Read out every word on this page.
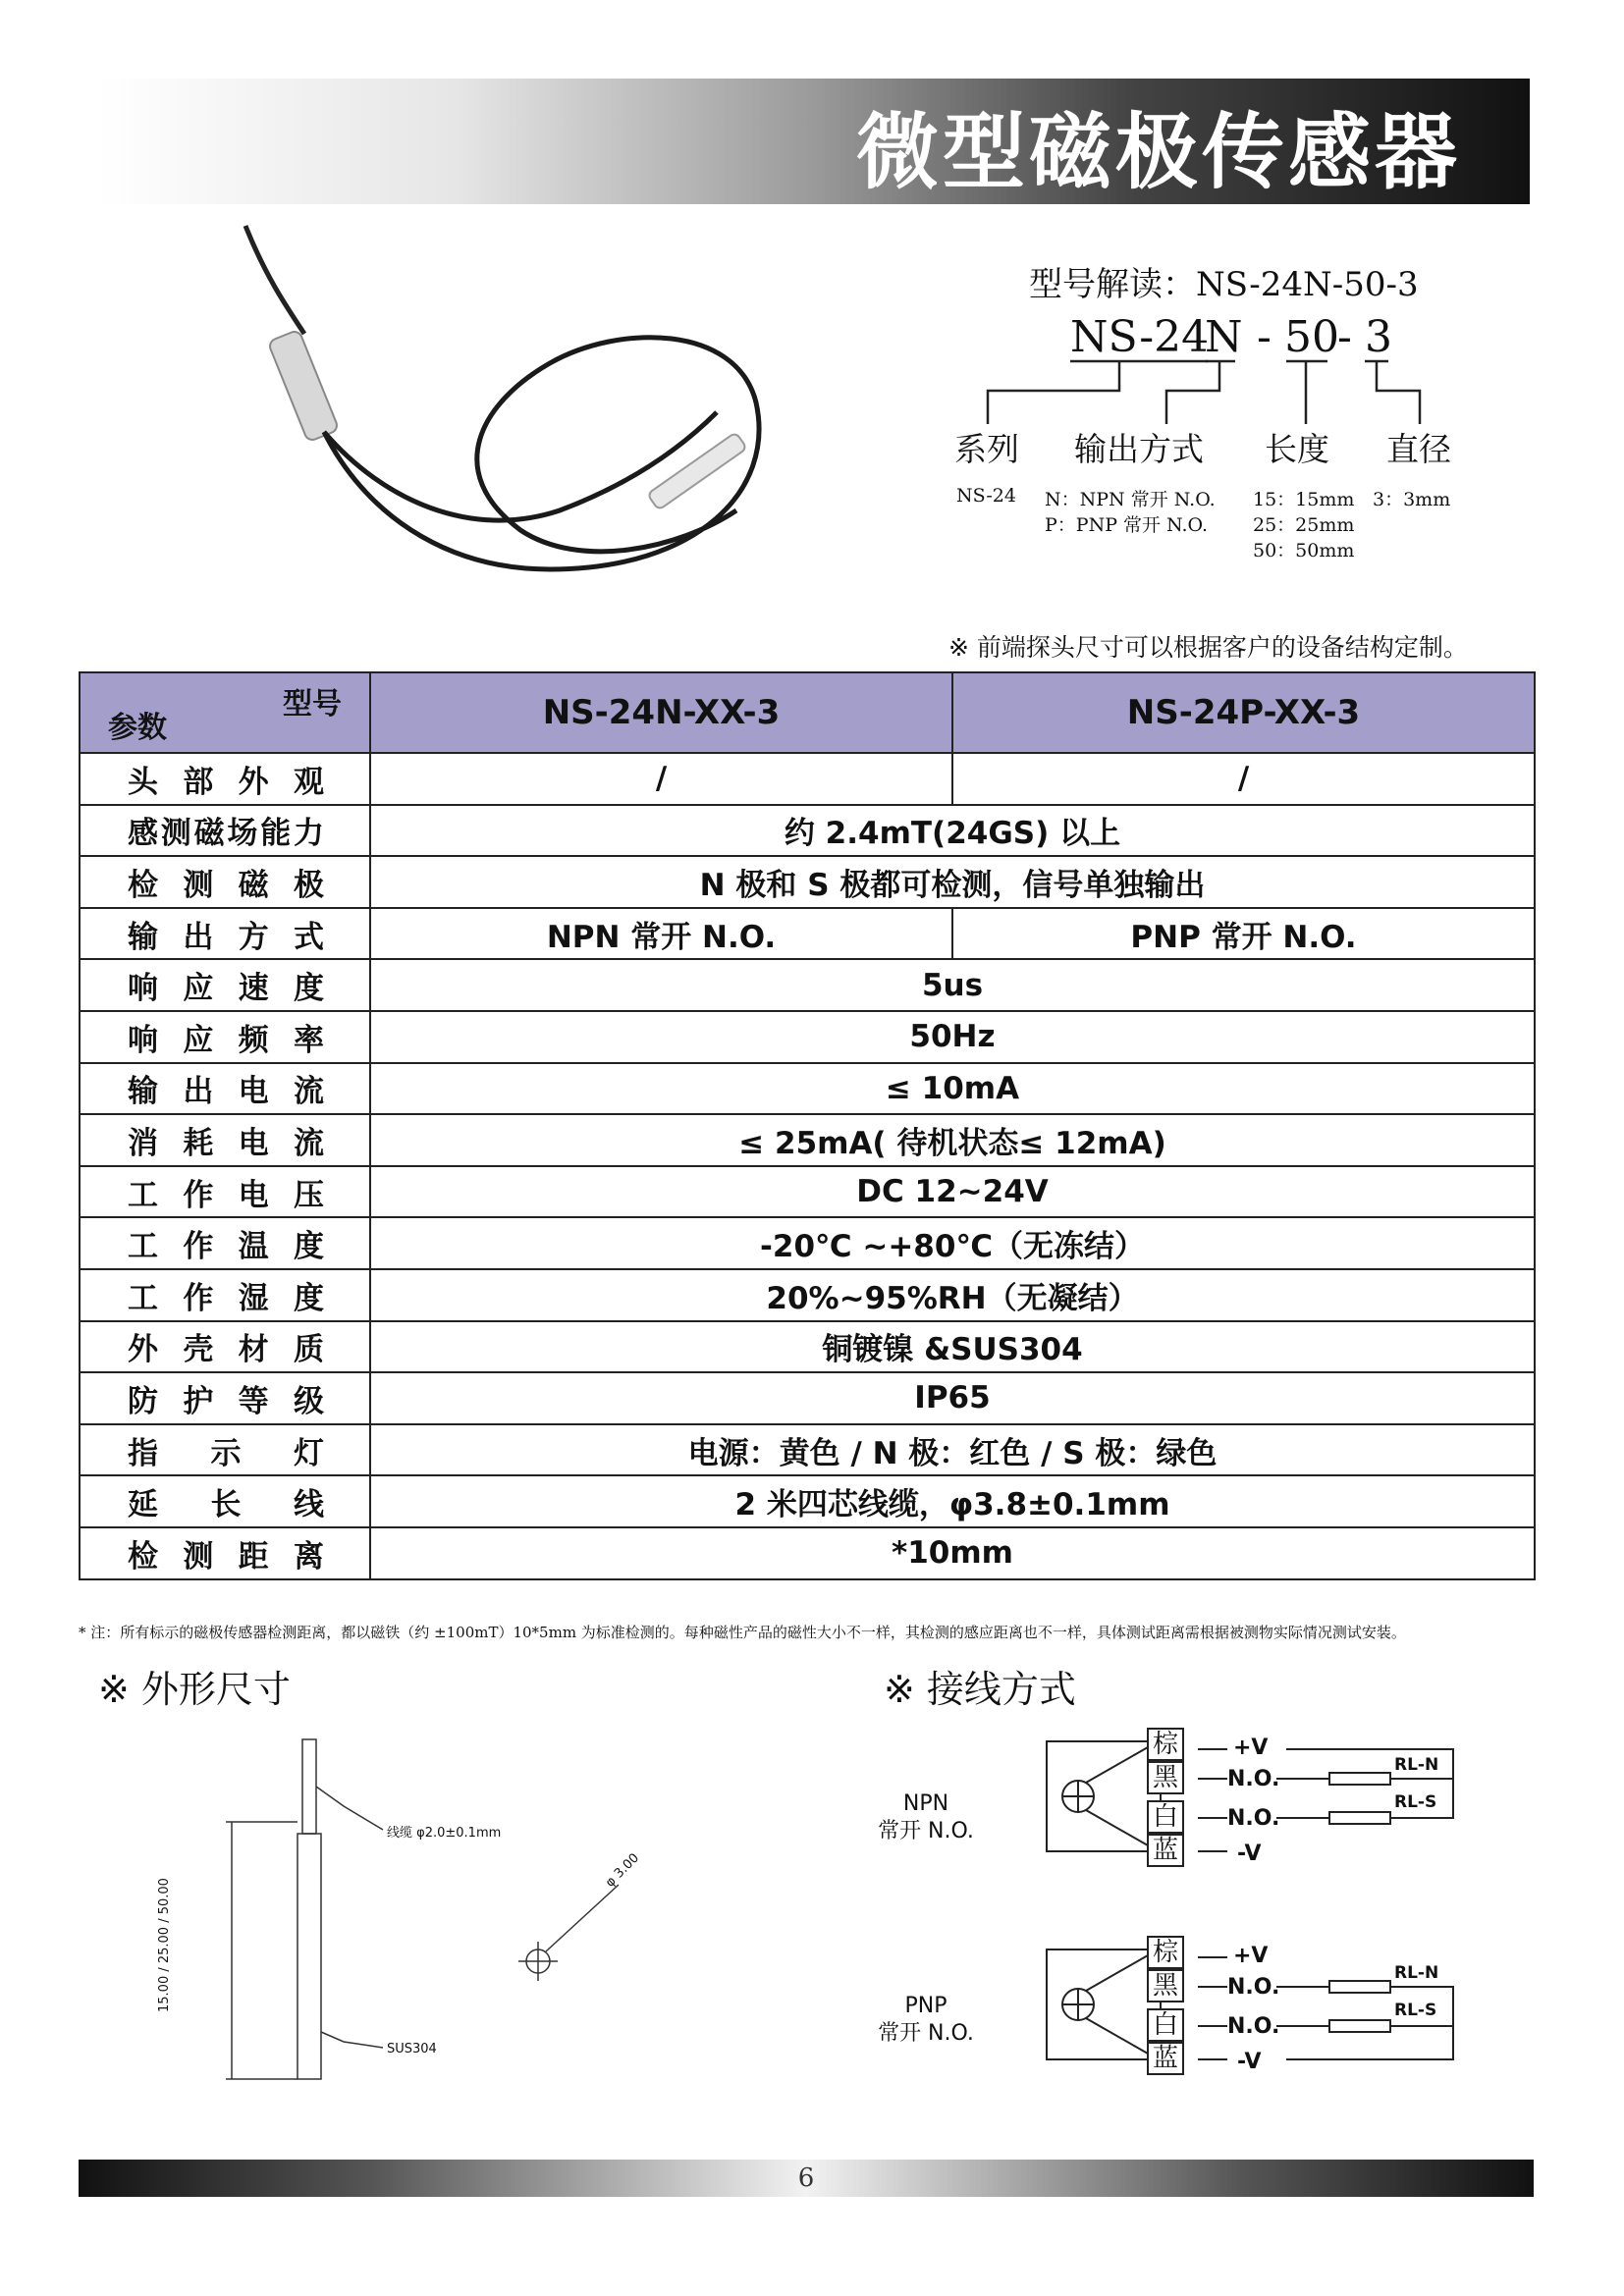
微型磁极传感器
型号解读：NS-24N-50-3
NS-24
N - 50
- 3
系列 输出方式 长度 直径
NS-24 N：NPN 常开 N.O.
P：PNP 常开 N.O.
15：15mm
25：25mm
50：50mm
3：3mm
※ 前端探头尺寸可以根据客户的设备结构定制。
型号
参数	NS-24N-XX-3	NS-24P-XX-3
头部外观	/	/
感测磁场能力	约 2.4mT(24GS) 以上	
检测磁极	N 极和 S 极都可检测，信号单独输出	
输出方式	NPN 常开 N.O.	PNP 常开 N.O.
响应速度	5us	
响应频率	50Hz	
输出电流	≤ 10mA	
消耗电流	≤ 25mA( 待机状态≤ 12mA)	
工作电压	DC 12~24V	
工作温度	-20℃ ~+80℃（无冻结）	
工作湿度	20%~95%RH（无凝结）	
外壳材质	铜镀镍 &SUS304	
防护等级	IP65	
指示灯	电源：黄色 / N 极：红色 / S 极：绿色	
延长线	2 米四芯线缆，φ3.8±0.1mm	
检测距离	*10mm	
* 注：所有标示的磁极传感器检测距离，都以磁铁（约 ±100mT）10*5mm 为标准检测的。每种磁性产品的磁性大小不一样，其检测的感应距离也不一样，具体测试距离需根据被测物实际情况测试安装。
※ 外形尺寸	※ 接线方式
线缆 φ2.0±0.1mm
15.00 / 25.00 / 50.00
SUS304
φ 3.00
NPN
常开 N.O.
棕
黑
白
蓝
+V
N.O.
N.O.
-V
RL-N
RL-S
PNP
常开 N.O.
棕
黑
白
蓝
+V
N.O.
N.O.
-V
RL-N
RL-S
6
